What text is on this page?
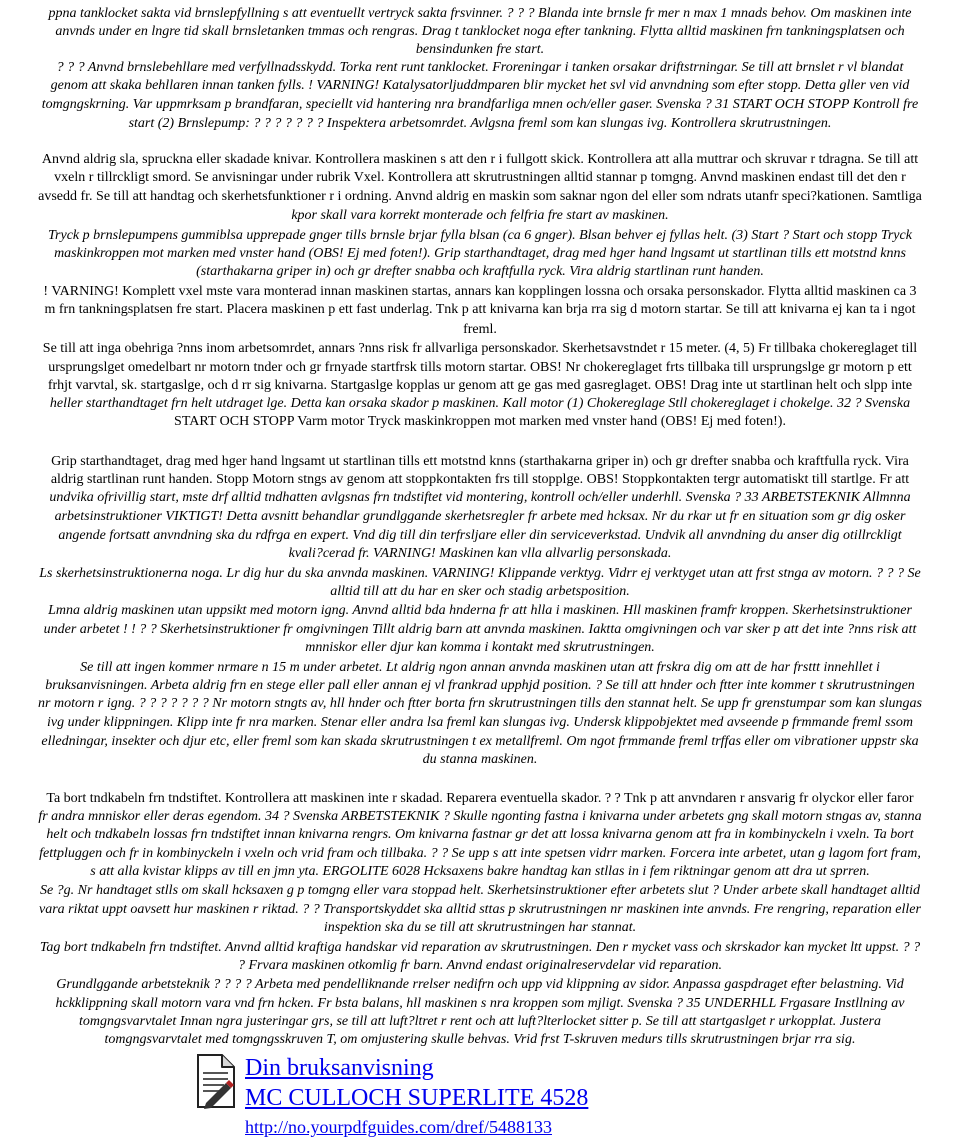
ppna tanklocket sakta vid brnslepfyllning s att eventuellt vertryck sakta frsvinner. ? ? ? Blanda inte brnsle fr mer n max 1 mnads behov. Om maskinen inte
anvnds under en lngre tid skall brnsletanken tmmas och rengras. Drag t tanklocket noga efter tankning. Flytta alltid maskinen frn tankningsplatsen och
bensindunken fre start.
? ? ? Anvnd brnslebehllare med verfyllnadsskydd. Torka rent runt tanklocket. Froreningar i tanken orsakar driftstrningar. Se till att brnslet r vl blandat
genom att skaka behllaren innan tanken fylls. ! VARNING! Katalysatorljuddmparen blir mycket het svl vid anvndning som efter stopp. Detta gller ven vid
tomgngskrning. Var uppmrksam p brandfaran, speciellt vid hantering nra brandfarliga mnen och/eller gaser. Svenska ? 31 START OCH STOPP Kontroll fre
start (2) Brnslepump: ? ? ? ? ? ? ? Inspektera arbetsomrdet. Avlgsna freml som kan slungas ivg. Kontrollera skrutrustningen.
Anvnd aldrig sla, spruckna eller skadade knivar. Kontrollera maskinen s att den r i fullgott skick. Kontrollera att alla muttrar och skruvar r tdragna. Se till att
vxeln r tillrckligt smord. Se anvisningar under rubrik Vxel. Kontrollera att skrutrustningen alltid stannar p tomgng. Anvnd maskinen endast till det den r
avsedd fr. Se till att handtag och skerhetsfunktioner r i ordning. Anvnd aldrig en maskin som saknar ngon del eller som ndrats utanfr speci?kationen. Samtliga
kpor skall vara korrekt monterade och felfria fre start av maskinen.
Tryck p brnslepumpens gummiblsa upprepade gnger tills brnsle brjar fylla blsan (ca 6 gnger). Blsan behver ej fyllas helt. (3) Start ? Start och stopp Tryck
maskinkroppen mot marken med vnster hand (OBS! Ej med foten!). Grip starthandtaget, drag med hger hand lngsamt ut startlinan tills ett motstnd knns
(starthakarna griper in) och gr drefter snabba och kraftfulla ryck. Vira aldrig startlinan runt handen.
! VARNING! Komplett vxel mste vara monterad innan maskinen startas, annars kan kopplingen lossna och orsaka personskador. Flytta alltid maskinen ca 3
m frn tankningsplatsen fre start. Placera maskinen p ett fast underlag. Tnk p att knivarna kan brja rra sig d motorn startar. Se till att knivarna ej kan ta i ngot
freml.
Se till att inga obehriga ?nns inom arbetsomrdet, annars ?nns risk fr allvarliga personskador. Skerhetsavstndet r 15 meter. (4, 5) Fr tillbaka chokereglaget till
ursprungslget omedelbart nr motorn tnder och gr frnyade startfrsk tills motorn startar. OBS! Nr chokereglaget frts tillbaka till ursprungslge gr motorn p ett
frhjt varvtal, sk. startgaslge, och d rr sig knivarna. Startgaslge kopplas ur genom att ge gas med gasreglaget. OBS! Drag inte ut startlinan helt och slpp inte
heller starthandtaget frn helt utdraget lge. Detta kan orsaka skador p maskinen. Kall motor (1) Chokereglage Stll chokereglaget i chokelge. 32 ? Svenska
START OCH STOPP Varm motor Tryck maskinkroppen mot marken med vnster hand (OBS! Ej med foten!).
Grip starthandtaget, drag med hger hand lngsamt ut startlinan tills ett motstnd knns (starthakarna griper in) och gr drefter snabba och kraftfulla ryck. Vira
aldrig startlinan runt handen. Stopp Motorn stngs av genom att stoppkontakten frs till stopplge. OBS! Stoppkontakten tergr automatiskt till startlge. Fr att
undvika ofrivillig start, mste drf alltid tndhatten avlgsnas frn tndstiftet vid montering, kontroll och/eller underhll. Svenska ? 33 ARBETSTEKNIK Allmnna
arbetsinstruktioner VIKTIGT! Detta avsnitt behandlar grundlggande skerhetsregler fr arbete med hcksax. Nr du rkar ut fr en situation som gr dig osker
angende fortsatt anvndning ska du rdfrga en expert. Vnd dig till din terfrsljare eller din serviceverkstad. Undvik all anvndning du anser dig otillrckligt
kvali?cerad fr. VARNING! Maskinen kan vlla allvarlig personskada.
Ls skerhetsinstruktionerna noga. Lr dig hur du ska anvnda maskinen. VARNING! Klippande verktyg. Vidrr ej verktyget utan att frst stnga av motorn. ? ? ? Se
alltid till att du har en sker och stadig arbetsposition.
Lmna aldrig maskinen utan uppsikt med motorn igng. Anvnd alltid bda hnderna fr att hlla i maskinen. Hll maskinen framfr kroppen. Skerhetsinstruktioner
under arbetet ! ! ? ? Skerhetsinstruktioner fr omgivningen Tillt aldrig barn att anvnda maskinen. Iaktta omgivningen och var sker p att det inte ?nns risk att
mnniskor eller djur kan komma i kontakt med skrutrustningen.
Se till att ingen kommer nrmare n 15 m under arbetet. Lt aldrig ngon annan anvnda maskinen utan att frskra dig om att de har frsttt innehllet i
bruksanvisningen. Arbeta aldrig frn en stege eller pall eller annan ej vl frankrad upphjd position. ? Se till att hnder och ftter inte kommer t skrutrustningen
nr motorn r igng. ? ? ? ? ? ? ? Nr motorn stngts av, hll hnder och ftter borta frn skrutrustningen tills den stannat helt. Se upp fr grenstumpar som kan slungas
ivg under klippningen. Klipp inte fr nra marken. Stenar eller andra lsa freml kan slungas ivg. Undersk klippobjektet med avseende p frmmande freml ssom
elledningar, insekter och djur etc, eller freml som kan skada skrutrustningen t ex metallfreml. Om ngot frmmande freml trffas eller om vibrationer uppstr ska
du stanna maskinen.
Ta bort tndkabeln frn tndstiftet. Kontrollera att maskinen inte r skadad. Reparera eventuella skador. ? ? Tnk p att anvndaren r ansvarig fr olyckor eller faror
fr andra mnniskor eller deras egendom. 34 ? Svenska ARBETSTEKNIK ? Skulle ngonting fastna i knivarna under arbetets gng skall motorn stngas av, stanna
helt och tndkabeln lossas frn tndstiftet innan knivarna rengrs. Om knivarna fastnar gr det att lossa knivarna genom att fra in kombinyckeln i vxeln. Ta bort
fettpluggen och fr in kombinyckeln i vxeln och vrid fram och tillbaka. ? ? Se upp s att inte spetsen vidrr marken. Forcera inte arbetet, utan g lagom fort fram,
s att alla kvistar klipps av till en jmn yta. ERGOLITE 6028 Hcksaxens bakre handtag kan stllas in i fem riktningar genom att dra ut sprren.
Se ?g. Nr handtaget stlls om skall hcksaxen g p tomgng eller vara stoppad helt. Skerhetsinstruktioner efter arbetets slut ? Under arbete skall handtaget alltid
vara riktat uppt oavsett hur maskinen r riktad. ? ? Transportskyddet ska alltid sttas p skrutrustningen nr maskinen inte anvnds. Fre rengring, reparation eller
inspektion ska du se till att skrutrustningen har stannat.
Tag bort tndkabeln frn tndstiftet. Anvnd alltid kraftiga handskar vid reparation av skrutrustningen. Den r mycket vass och skrskador kan mycket ltt uppst. ? ?
? Frvara maskinen otkomlig fr barn. Anvnd endast originalreservdelar vid reparation.
Grundlggande arbetsteknik ? ? ? ? Arbeta med pendelliknande rrelser nedifrn och upp vid klippning av sidor. Anpassa gaspdraget efter belastning. Vid
hckklippning skall motorn vara vnd frn hcken. Fr bsta balans, hll maskinen s nra kroppen som mjligt. Svenska ? 35 UNDERHLL Frgasare Instllning av
tomgngsvarvtalet Innan ngra justeringar grs, se till att luft?ltret r rent och att luft?lterlocket sitter p. Se till att startgaslget r urkopplat. Justera
tomgngsvarvtalet med tomgngsskruven T, om omjustering skulle behvas. Vrid frst T-skruven medurs tills skrutrustningen brjar rra sig.
Din bruksanvisning
MC CULLOCH SUPERLITE 4528
http://no.yourpdfguides.com/dref/5488133
